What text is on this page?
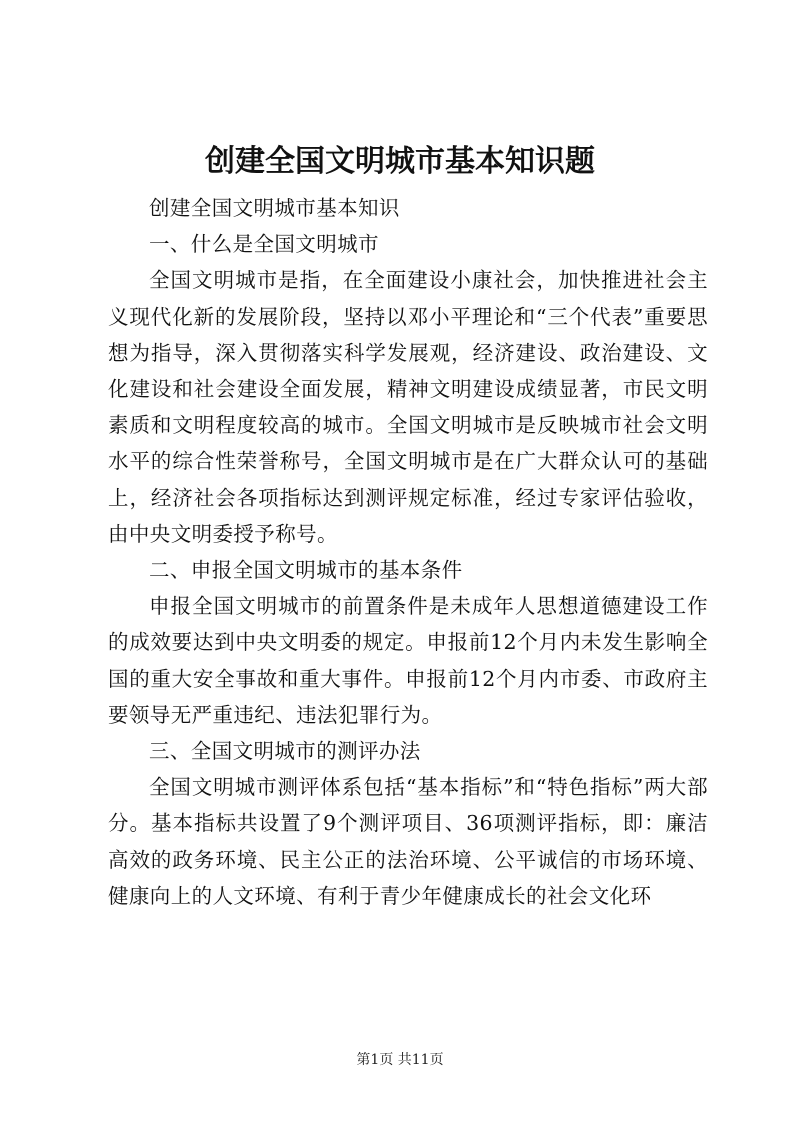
创建全国文明城市基本知识题

创建全国文明城市基本知识

一、什么是全国文明城市

全国文明城市是指，在全面建设小康社会，加快推进社会主义现代化新的发展阶段，坚持以邓小平理论和“三个代表”重要思想为指导，深入贯彻落实科学发展观，经济建设、政治建设、文化建设和社会建设全面发展，精神文明建设成绩显著，市民文明素质和文明程度较高的城市。全国文明城市是反映城市社会文明水平的综合性荣誉称号，全国文明城市是在广大群众认可的基础上，经济社会各项指标达到测评规定标准，经过专家评估验收，由中央文明委授予称号。

二、申报全国文明城市的基本条件

申报全国文明城市的前置条件是未成年人思想道德建设工作的成效要达到中央文明委的规定。申报前12个月内未发生影响全国的重大安全事故和重大事件。申报前12个月内市委、市政府主要领导无严重违纪、违法犯罪行为。

三、全国文明城市的测评办法

全国文明城市测评体系包括“基本指标”和“特色指标”两大部分。基本指标共设置了9个测评项目、36项测评指标，即：廉洁高效的政务环境、民主公正的法治环境、公平诚信的市场环境、健康向上的人文环境、有利于青少年健康成长的社会文化环

第1页 共11页
